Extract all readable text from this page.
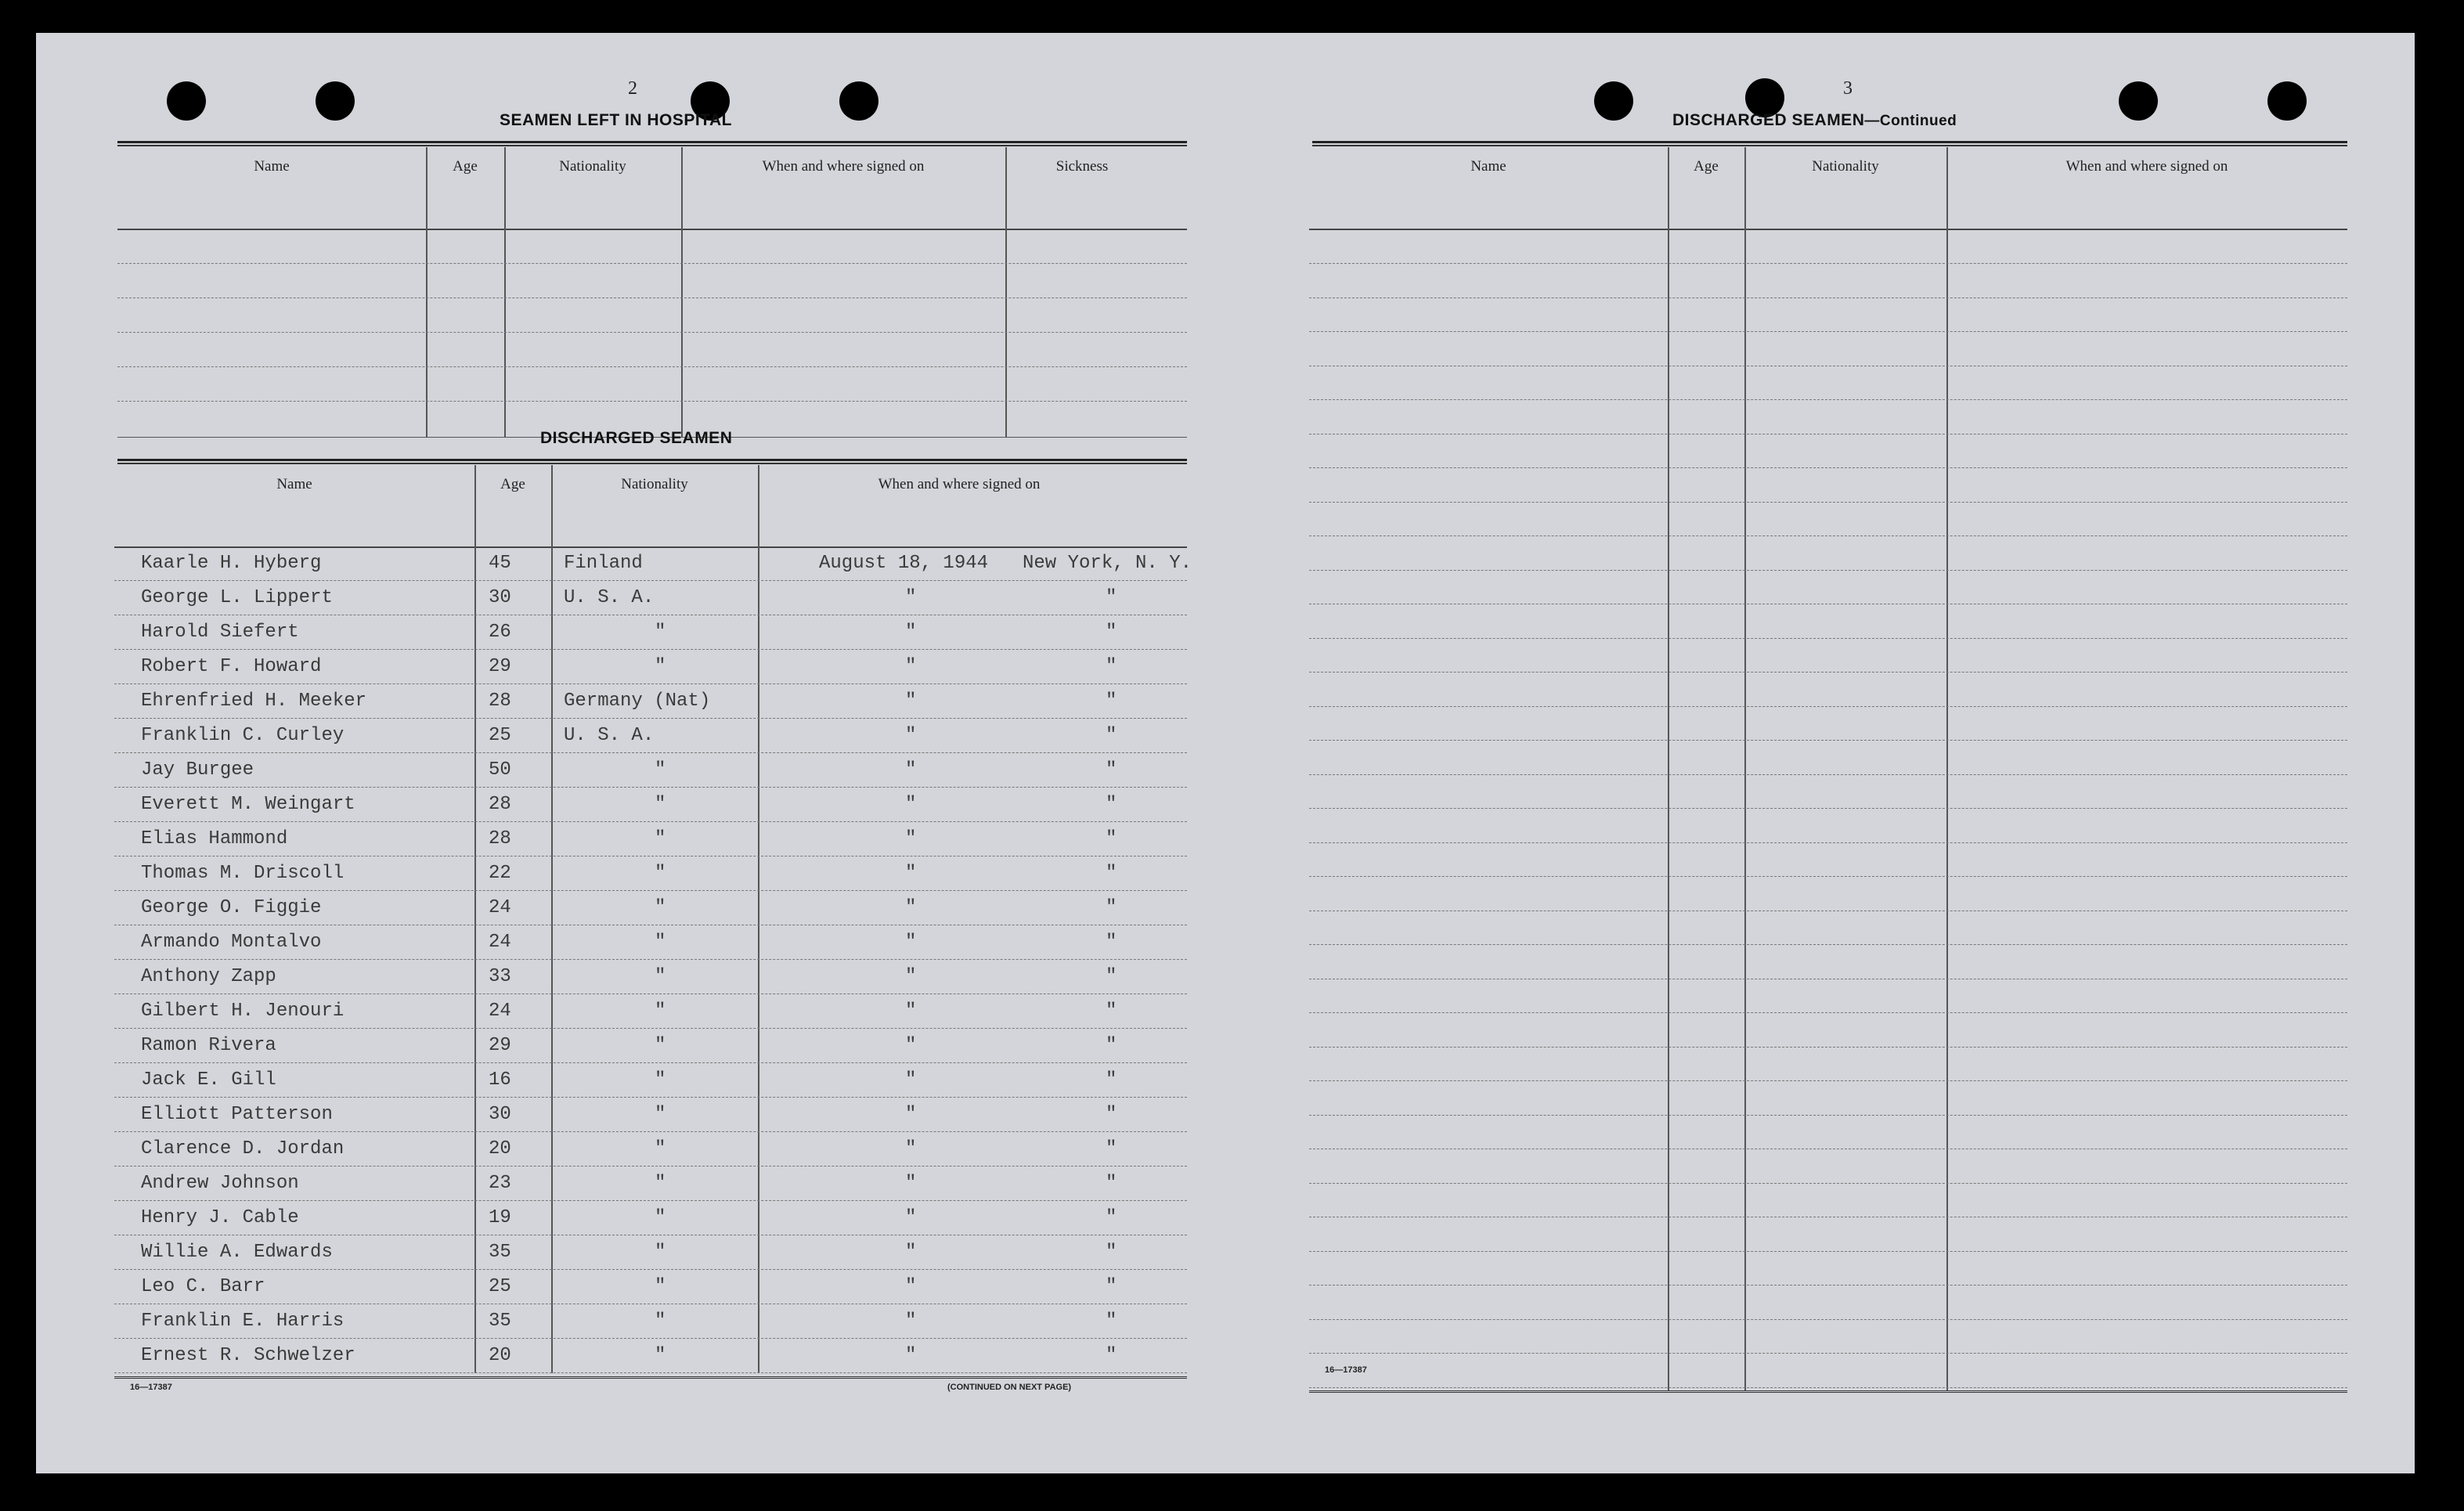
2
SEAMEN LEFT IN HOSPITAL
Name	Age	Nationality	When and where signed on	Sickness
DISCHARGED SEAMEN
Name	Age	Nationality	When and where signed on
Kaarle H. Hyberg	45	Finland	August 18, 1944 New York, N. Y.
George L. Lippert	30	U. S. A.	"	"
Harold Siefert	26	"	"	"
Robert F. Howard	29	"	"	"
Ehrenfried H. Meeker	28	Germany (Nat)	"	"
Franklin C. Curley	25	U. S. A.	"	"
Jay Burgee	50	"	"	"
Everett M. Weingart	28	"	"	"
Elias Hammond	28	"	"	"
Thomas M. Driscoll	22	"	"	"
George O. Figgie	24	"	"	"
Armando Montalvo	24	"	"	"
Anthony Zapp	33	"	"	"
Gilbert H. Jenouri	24	"	"	"
Ramon Rivera	29	"	"	"
Jack E. Gill	16	"	"	"
Elliott Patterson	30	"	"	"
Clarence D. Jordan	20	"	"	"
Andrew Johnson	23	"	"	"
Henry J. Cable	19	"	"	"
Willie A. Edwards	35	"	"	"
Leo C. Barr	25	"	"	"
Franklin E. Harris	35	"	"	"
Ernest R. Schwelzer	20	"	"	"
16—17387	(CONTINUED ON NEXT PAGE)
3
DISCHARGED SEAMEN—Continued
Name	Age	Nationality	When and where signed on
16—17387
